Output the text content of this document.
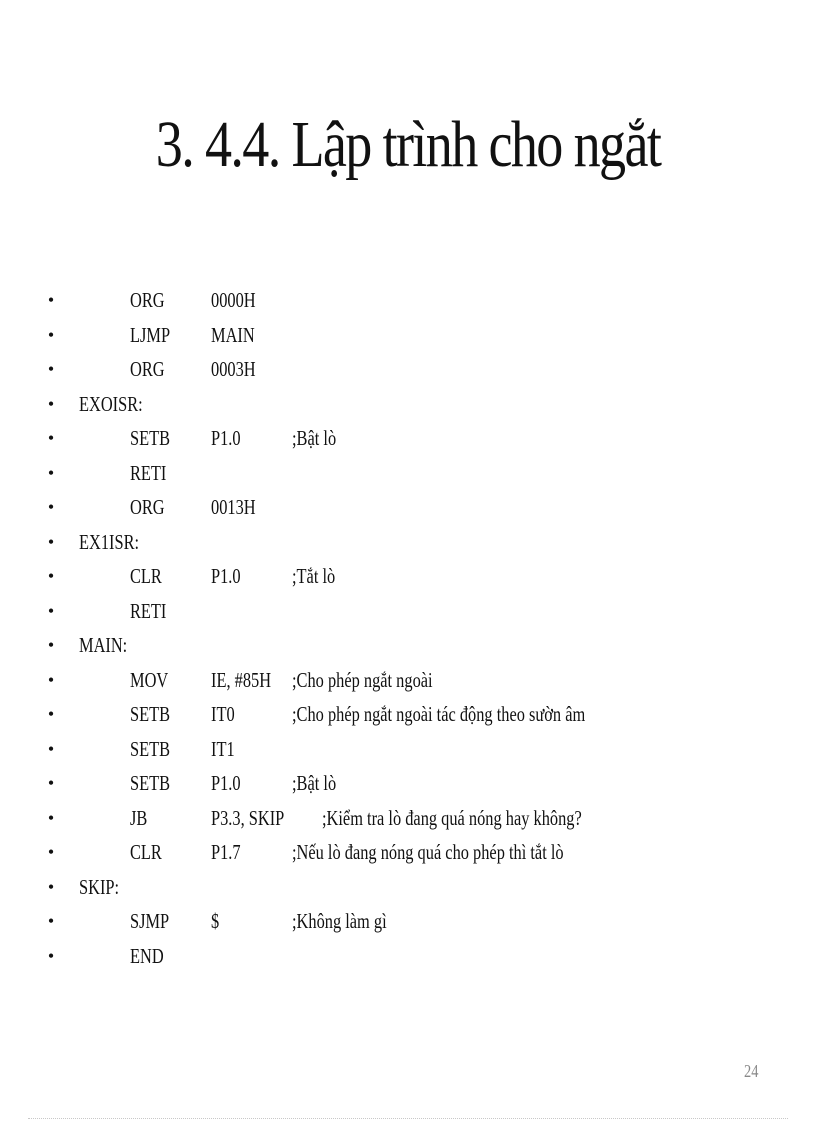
3. 4.4. Lập trình cho ngắt
•	ORG 0000H
•	LJMP MAIN
•	ORG 0003H
• EXOISR:
•	SETB P1.0 ;Bật lò
•	RETI
•	ORG 0013H
• EX1ISR:
•	CLR P1.0 ;Tắt lò
•	RETI
• MAIN:
•	MOV IE, #85H ;Cho phép ngắt ngoài
•	SETB IT0	;Cho phép ngắt ngoài tác động theo sườn âm
•	SETB IT1
•	SETB P1.0 ;Bật lò
•	JB	P3.3, SKIP ;Kiểm tra lò đang quá nóng hay không?
•	CLR P1.7 ;Nếu lò đang nóng quá cho phép thì tắt lò
• SKIP:
•	SJMP $	;Không làm gì
•	END
24
